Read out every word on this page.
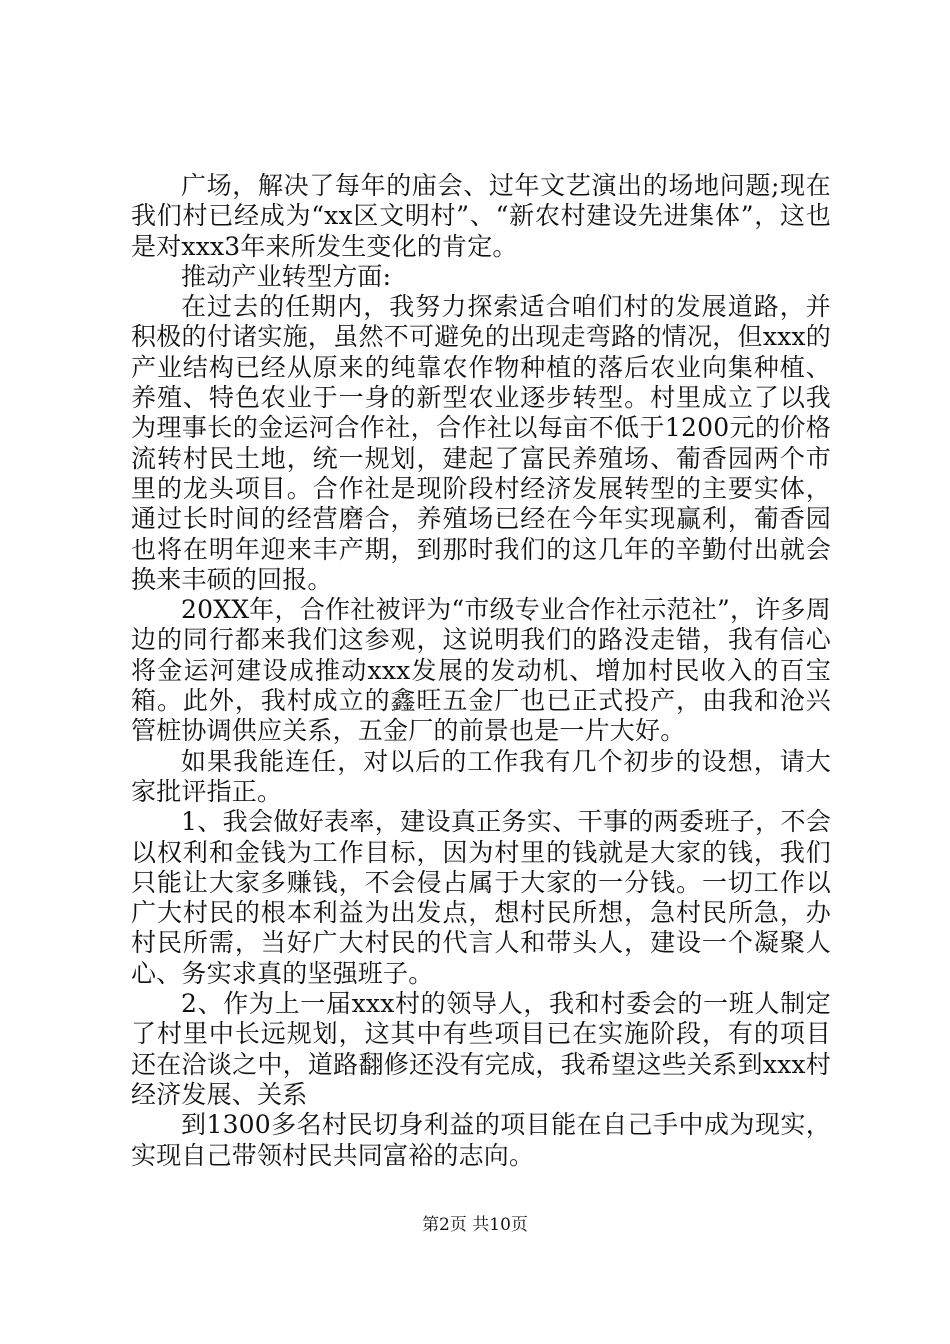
广场，解决了每年的庙会、过年文艺演出的场地问题;现在我们村已经成为“xx区文明村”、“新农村建设先进集体”，这也是对xxx3年来所发生变化的肯定。

推动产业转型方面:

在过去的任期内，我努力探索适合咱们村的发展道路，并积极的付诸实施，虽然不可避免的出现走弯路的情况，但xxx的产业结构已经从原来的纯靠农作物种植的落后农业向集种植、养殖、特色农业于一身的新型农业逐步转型。村里成立了以我为理事长的金运河合作社，合作社以每亩不低于1200元的价格流转村民土地，统一规划，建起了富民养殖场、葡香园两个市里的龙头项目。合作社是现阶段村经济发展转型的主要实体，通过长时间的经营磨合，养殖场已经在今年实现赢利，葡香园也将在明年迎来丰产期，到那时我们的这几年的辛勤付出就会换来丰硕的回报。

20XX年，合作社被评为“市级专业合作社示范社”，许多周边的同行都来我们这参观，这说明我们的路没走错，我有信心将金运河建设成推动xxx发展的发动机、增加村民收入的百宝箱。此外，我村成立的鑫旺五金厂也已正式投产，由我和沧兴管桩协调供应关系，五金厂的前景也是一片大好。

如果我能连任，对以后的工作我有几个初步的设想，请大家批评指正。

1、我会做好表率，建设真正务实、干事的两委班子，不会以权利和金钱为工作目标，因为村里的钱就是大家的钱，我们只能让大家多赚钱，不会侵占属于大家的一分钱。一切工作以广大村民的根本利益为出发点，想村民所想，急村民所急，办村民所需，当好广大村民的代言人和带头人，建设一个凝聚人心、务实求真的坚强班子。

2、作为上一届xxx村的领导人，我和村委会的一班人制定了村里中长远规划，这其中有些项目已在实施阶段，有的项目还在洽谈之中，道路翻修还没有完成，我希望这些关系到xxx村经济发展、关系

到1300多名村民切身利益的项目能在自己手中成为现实，实现自己带领村民共同富裕的志向。

第2页 共10页
